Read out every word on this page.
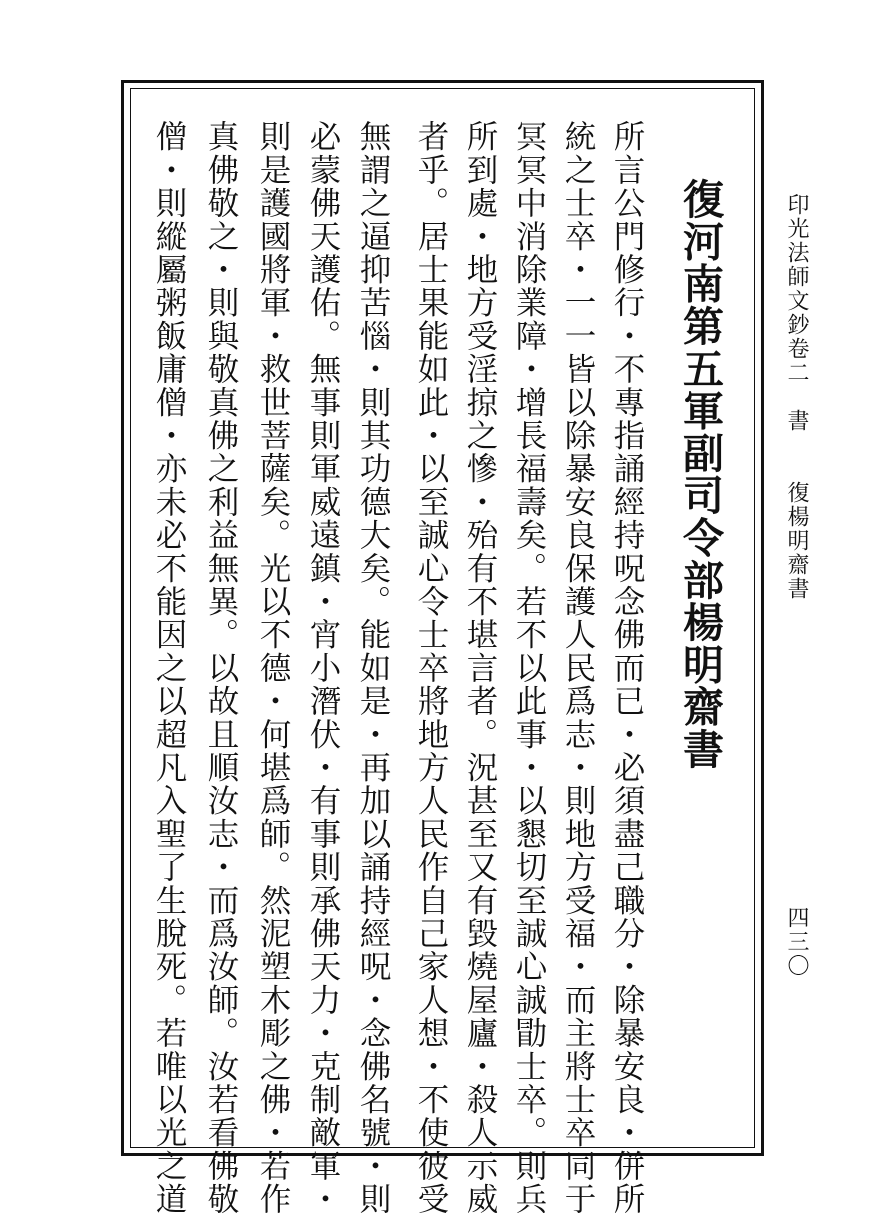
復河南第五軍副司令部楊明齋書
所言公門修行・不專指誦經持呪念佛而已・必須盡己職分・除暴安良・併所
統之士卒・一一皆以除暴安良保護人民爲志・則地方受福・而主將士卒同于
冥冥中消除業障・增長福壽矣。若不以此事・以懇切至誠心誠勖士卒。則兵
所到處・地方受淫掠之慘・殆有不堪言者。況甚至又有毀燒屋廬・殺人示威
者乎。居士果能如此・以至誠心令士卒將地方人民作自己家人想・不使彼受
無謂之逼抑苦惱・則其功德大矣。能如是・再加以誦持經呪・念佛名號・則
必蒙佛天護佑。無事則軍威遠鎮・宵小潛伏・有事則承佛天力・克制敵軍・
則是護國將軍・救世菩薩矣。光以不德・何堪爲師。然泥塑木彫之佛・若作
真佛敬之・則與敬真佛之利益無異。以故且順汝志・而爲汝師。汝若看佛敬
僧・則縱屬粥飯庸僧・亦未必不能因之以超凡入聖了生脫死。若唯以光之道	印光法師文鈔卷二　書　　復楊明齋書
四三〇
